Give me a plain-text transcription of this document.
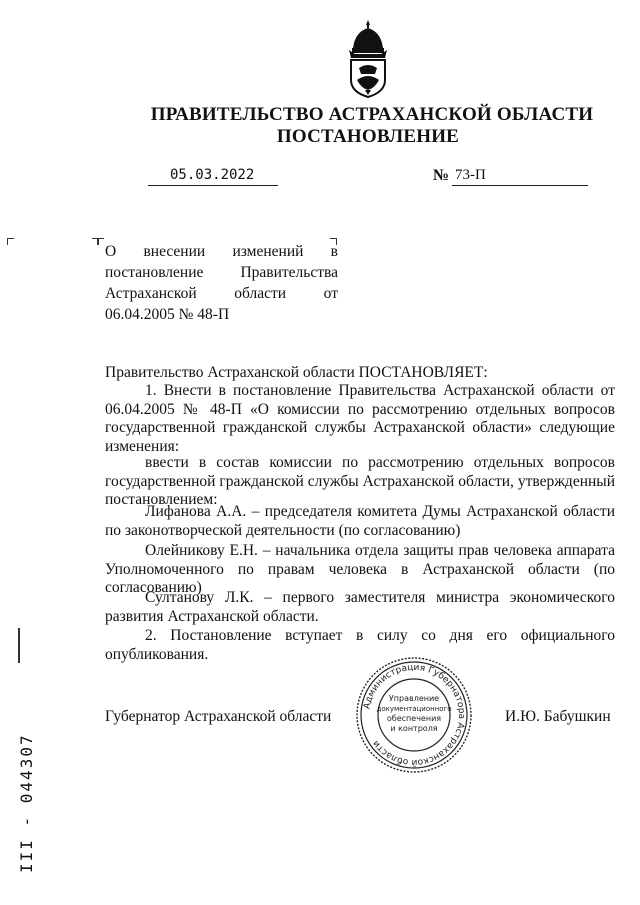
ПРАВИТЕЛЬСТВО АСТРАХАНСКОЙ ОБЛАСТИ
ПОСТАНОВЛЕНИЕ
05.03.2022	№ 73-П
О внесении изменений в постановление Правительства Астраханской области от 06.04.2005 № 48-П
Правительство Астраханской области ПОСТАНОВЛЯЕТ:
1. Внести в постановление Правительства Астраханской области от 06.04.2005 № 48-П «О комиссии по рассмотрению отдельных вопросов государственной гражданской службы Астраханской области» следующие изменения:
ввести в состав комиссии по рассмотрению отдельных вопросов государственной гражданской службы Астраханской области, утвержденный постановлением:
Лифанова А.А. – председателя комитета Думы Астраханской области по законотворческой деятельности (по согласованию)
Олейникову Е.Н. – начальника отдела защиты прав человека аппарата Уполномоченного по правам человека в Астраханской области (по согласованию)
Султанову Л.К. – первого заместителя министра экономического развития Астраханской области.
2. Постановление вступает в силу со дня его официального опубликования.
Администрация Губернатора Астраханской области
Управление
документационного
обеспечения
и контроля
Губернатор Астраханской области	И.Ю. Бабушкин
ІІІ - 044307
